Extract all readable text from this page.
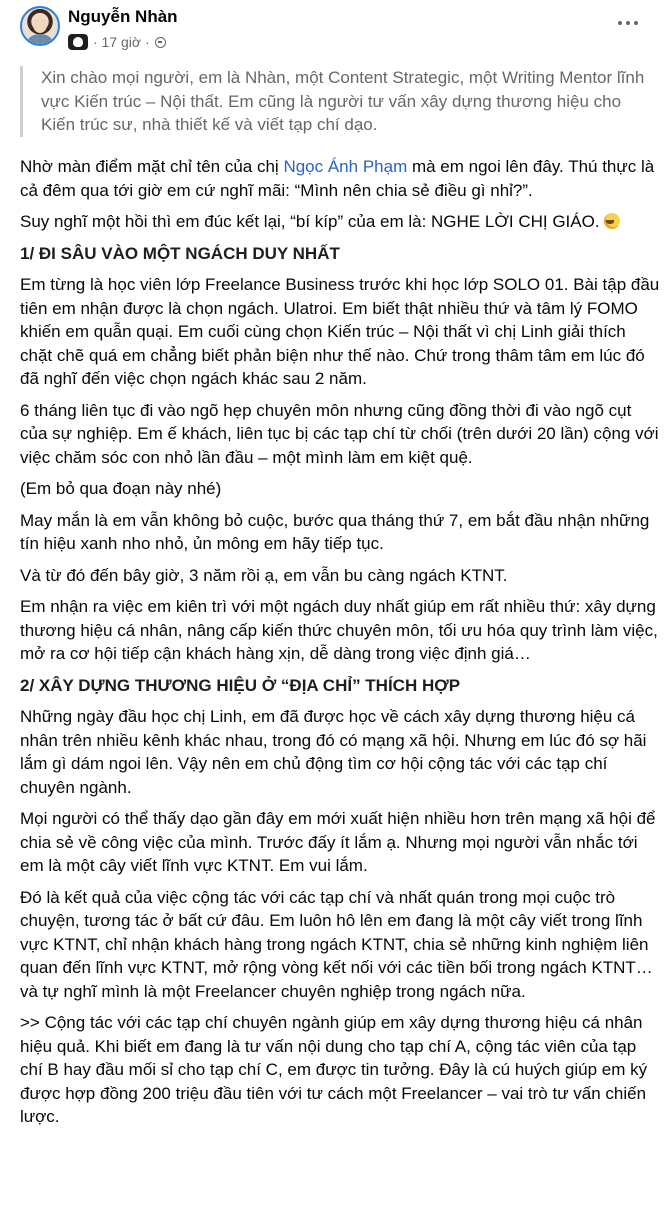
Nguyễn Nhàn
· 17 giờ ·
Xin chào mọi người, em là Nhàn, một Content Strategic, một Writing Mentor lĩnh vực Kiến trúc – Nội thất. Em cũng là người tư vấn xây dựng thương hiệu cho Kiến trúc sư, nhà thiết kế và viết tạp chí dạo.

Nhờ màn điểm mặt chỉ tên của chị Ngọc Ánh Phạm mà em ngoi lên đây. Thú thực là cả đêm qua tới giờ em cứ nghĩ mãi: “Mình nên chia sẻ điều gì nhỉ?”.

Suy nghĩ một hồi thì em đúc kết lại, “bí kíp” của em là: NGHE LỜI CHỊ GIÁO.

1/ ĐI SÂU VÀO MỘT NGÁCH DUY NHẤT

Em từng là học viên lớp Freelance Business trước khi học lớp SOLO 01. Bài tập đầu tiên em nhận được là chọn ngách. Ulatroi. Em biết thật nhiều thứ và tâm lý FOMO khiến em quẫn quại. Em cuối cùng chọn Kiến trúc – Nội thất vì chị Linh giải thích chặt chẽ quá em chẳng biết phản biện như thế nào. Chứ trong thâm tâm em lúc đó đã nghĩ đến việc chọn ngách khác sau 2 năm.

6 tháng liên tục đi vào ngõ hẹp chuyên môn nhưng cũng đồng thời đi vào ngõ cụt của sự nghiệp. Em ế khách, liên tục bị các tạp chí từ chối (trên dưới 20 lần) cộng với việc chăm sóc con nhỏ lần đầu – một mình làm em kiệt quệ.

(Em bỏ qua đoạn này nhé)

May mắn là em vẫn không bỏ cuộc, bước qua tháng thứ 7, em bắt đầu nhận những tín hiệu xanh nho nhỏ, ủn mông em hãy tiếp tục.

Và từ đó đến bây giờ, 3 năm rồi ạ, em vẫn bu càng ngách KTNT.

Em nhận ra việc em kiên trì với một ngách duy nhất giúp em rất nhiều thứ: xây dựng thương hiệu cá nhân, nâng cấp kiến thức chuyên môn, tối ưu hóa quy trình làm việc, mở ra cơ hội tiếp cận khách hàng xịn, dễ dàng trong việc định giá…

2/ XÂY DỰNG THƯƠNG HIỆU Ở “ĐỊA CHỈ” THÍCH HỢP

Những ngày đầu học chị Linh, em đã được học về cách xây dựng thương hiệu cá nhân trên nhiều kênh khác nhau, trong đó có mạng xã hội. Nhưng em lúc đó sợ hãi lắm gì dám ngoi lên. Vậy nên em chủ động tìm cơ hội cộng tác với các tạp chí chuyên ngành.

Mọi người có thể thấy dạo gần đây em mới xuất hiện nhiều hơn trên mạng xã hội để chia sẻ về công việc của mình. Trước đấy ít lắm ạ. Nhưng mọi người vẫn nhắc tới em là một cây viết lĩnh vực KTNT. Em vui lắm.

Đó là kết quả của việc cộng tác với các tạp chí và nhất quán trong mọi cuộc trò chuyện, tương tác ở bất cứ đâu. Em luôn hô lên em đang là một cây viết trong lĩnh vực KTNT, chỉ nhận khách hàng trong ngách KTNT, chia sẻ những kinh nghiệm liên quan đến lĩnh vực KTNT, mở rộng vòng kết nối với các tiền bối trong ngách KTNT… và tự nghĩ mình là một Freelancer chuyên nghiệp trong ngách nữa.

>> Cộng tác với các tạp chí chuyên ngành giúp em xây dựng thương hiệu cá nhân hiệu quả. Khi biết em đang là tư vấn nội dung cho tạp chí A, cộng tác viên của tạp chí B hay đầu mối sỉ cho tạp chí C, em được tin tưởng. Đây là cú huých giúp em ký được hợp đồng 200 triệu đầu tiên với tư cách một Freelancer – vai trò tư vấn chiến lược.
